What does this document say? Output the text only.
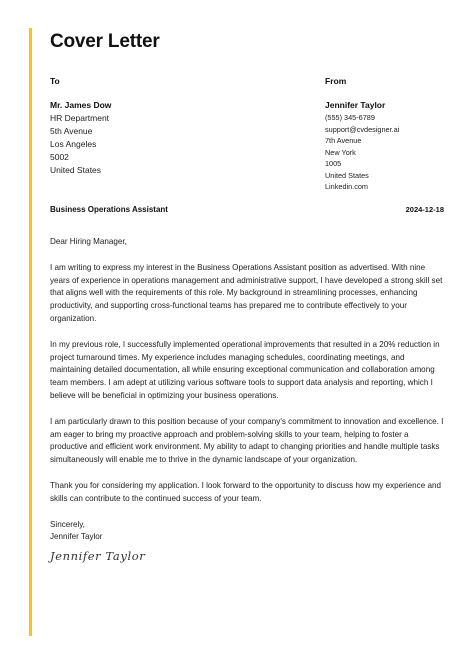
Cover Letter
To	From
Mr. James Dow
HR Department
5th Avenue
Los Angeles
5002
United States
Jennifer Taylor
(555) 345-6789
support@cvdesigner.ai
7th Avenue
New York
1005
United States
Linkedin.com
Business Operations Assistant	2024-12-18

Dear Hiring Manager,

I am writing to express my interest in the Business Operations Assistant position as advertised. With nine years of experience in operations management and administrative support, I have developed a strong skill set that aligns well with the requirements of this role. My background in streamlining processes, enhancing productivity, and supporting cross-functional teams has prepared me to contribute effectively to your organization.

In my previous role, I successfully implemented operational improvements that resulted in a 20% reduction in project turnaround times. My experience includes managing schedules, coordinating meetings, and maintaining detailed documentation, all while ensuring exceptional communication and collaboration among team members. I am adept at utilizing various software tools to support data analysis and reporting, which I believe will be beneficial in optimizing your business operations.

I am particularly drawn to this position because of your company's commitment to innovation and excellence. I am eager to bring my proactive approach and problem-solving skills to your team, helping to foster a productive and efficient work environment. My ability to adapt to changing priorities and handle multiple tasks simultaneously will enable me to thrive in the dynamic landscape of your organization.

Thank you for considering my application. I look forward to the opportunity to discuss how my experience and skills can contribute to the continued success of your team.

Sincerely,
Jennifer Taylor
Jennifer Taylor
